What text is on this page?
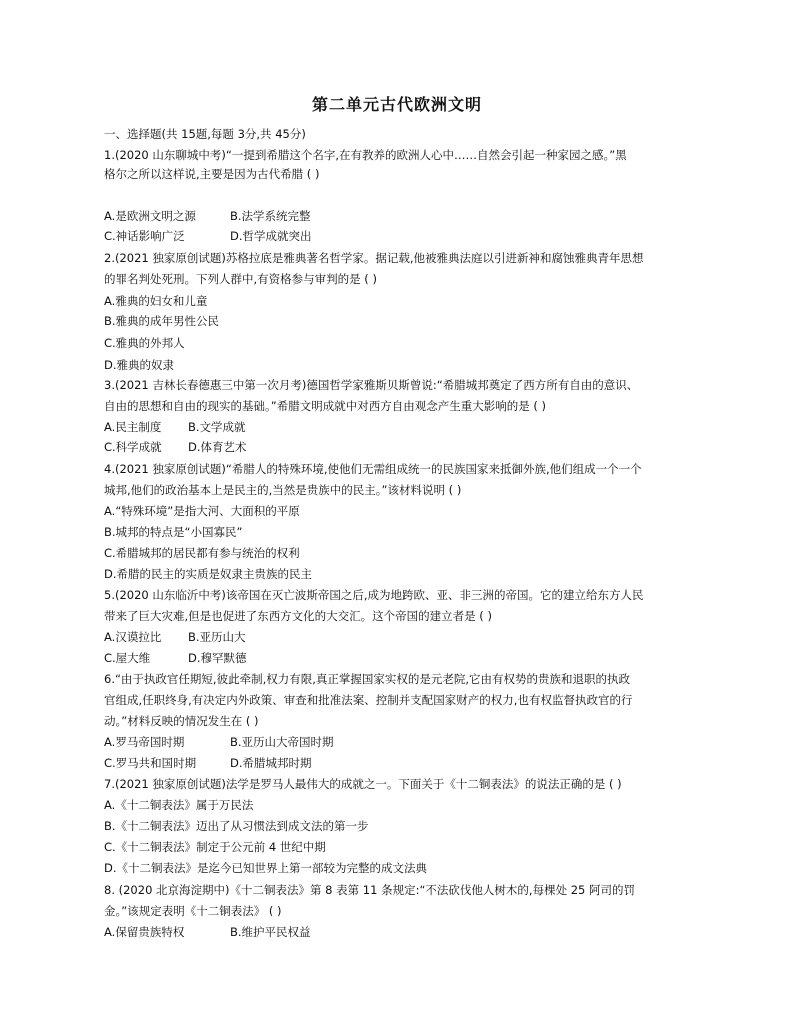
第二单元古代欧洲文明
一、选择题(共 15题,每题 3分,共 45分)
1.(2020 山东聊城中考)“一提到希腊这个名字,在有教养的欧洲人心中……自然会引起一种家园之感。”黑
格尔之所以这样说,主要是因为古代希腊 ( )
A.是欧洲文明之源	B.法学系统完整
C.神话影响广泛	D.哲学成就突出
2.(2021 独家原创试题)苏格拉底是雅典著名哲学家。据记载,他被雅典法庭以引进新神和腐蚀雅典青年思想
的罪名判处死刑。下列人群中,有资格参与审判的是 ( )
A.雅典的妇女和儿童
B.雅典的成年男性公民
C.雅典的外邦人
D.雅典的奴隶
3.(2021 吉林长春德惠三中第一次月考)德国哲学家雅斯贝斯曾说:“希腊城邦奠定了西方所有自由的意识、
自由的思想和自由的现实的基础。”希腊文明成就中对西方自由观念产生重大影响的是 ( )
A.民主制度 B.文学成就
C.科学成就 D.体育艺术
4.(2021 独家原创试题)“希腊人的特殊环境,使他们无需组成统一的民族国家来抵御外族,他们组成一个一个
城邦,他们的政治基本上是民主的,当然是贵族中的民主。”该材料说明 ( )
A.“特殊环境”是指大河、大面积的平原
B.城邦的特点是“小国寡民”
C.希腊城邦的居民都有参与统治的权利
D.希腊的民主的实质是奴隶主贵族的民主
5.(2020 山东临沂中考)该帝国在灭亡波斯帝国之后,成为地跨欧、亚、非三洲的帝国。它的建立给东方人民
带来了巨大灾难,但是也促进了东西方文化的大交汇。这个帝国的建立者是 ( )
A.汉谟拉比 B.亚历山大
C.屋大维	D.穆罕默德
6.“由于执政官任期短,彼此牵制,权力有限,真正掌握国家实权的是元老院,它由有权势的贵族和退职的执政
官组成,任职终身,有决定内外政策、审查和批准法案、控制并支配国家财产的权力,也有权监督执政官的行
动。”材料反映的情况发生在 ( )
A.罗马帝国时期	B.亚历山大帝国时期
C.罗马共和国时期	D.希腊城邦时期
7.(2021 独家原创试题)法学是罗马人最伟大的成就之一。下面关于《十二铜表法》的说法正确的是 ( )
A.《十二铜表法》属于万民法
B.《十二铜表法》迈出了从习惯法到成文法的第一步
C.《十二铜表法》制定于公元前 4 世纪中期
D.《十二铜表法》是迄今已知世界上第一部较为完整的成文法典
8. (2020 北京海淀期中)《十二铜表法》第 8 表第 11 条规定:“不法砍伐他人树木的,每棵处 25 阿司的罚
金。”该规定表明《十二铜表法》 ( )
A.保留贵族特权	B.维护平民权益
